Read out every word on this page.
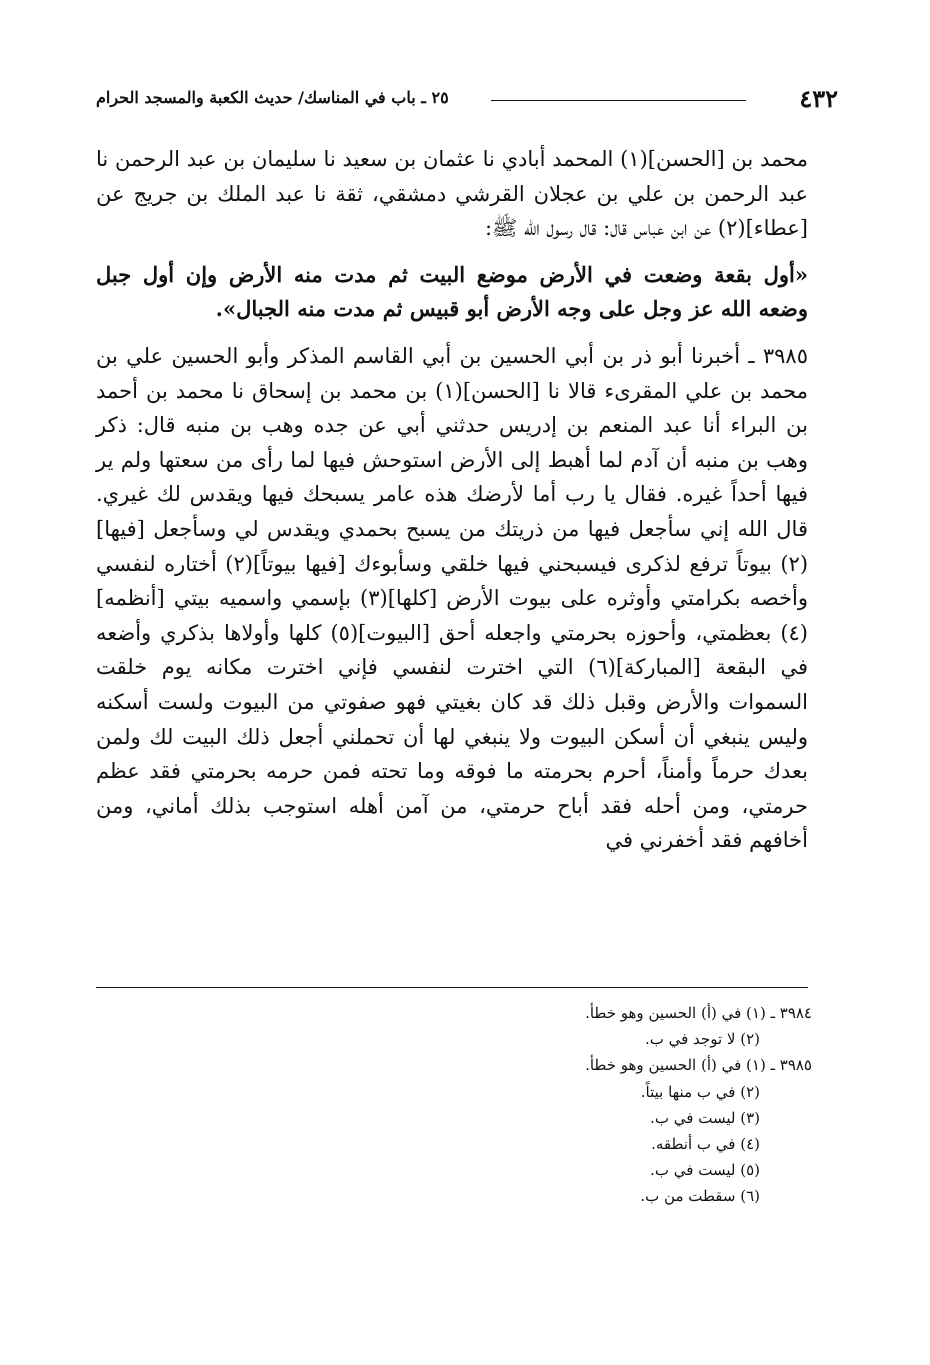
٤٣٢
٢٥ ـ باب في المناسك/ حديث الكعبة والمسجد الحرام

محمد بن [الحسن](١) المحمد أبادي نا عثمان بن سعيد نا سليمان بن عبد الرحمن نا عبد الرحمن بن علي بن عجلان القرشي دمشقي، ثقة نا عبد الملك بن جريج عن [عطاء](٢) عن ابن عباس قال: قال رسول الله ﷺ:

«أول بقعة وضعت في الأرض موضع البيت ثم مدت منه الأرض وإن أول جبل وضعه الله عز وجل على وجه الأرض أبو قبيس ثم مدت منه الجبال».

٣٩٨٥ ـ أخبرنا أبو ذر بن أبي الحسين بن أبي القاسم المذكر وأبو الحسين علي بن محمد بن علي المقرىء قالا نا [الحسن](١) بن محمد بن إسحاق نا محمد بن أحمد بن البراء أنا عبد المنعم بن إدريس حدثني أبي عن جده وهب بن منبه قال: ذكر وهب بن منبه أن آدم لما أهبط إلى الأرض استوحش فيها لما رأى من سعتها ولم ير فيها أحداً غيره. فقال يا رب أما لأرضك هذه عامر يسبحك فيها ويقدس لك غيري. قال الله إني سأجعل فيها من ذريتك من يسبح بحمدي ويقدس لي وسأجعل [فيها](٢) بيوتاً ترفع لذكرى فيسبحني فيها خلقي وسأبوءك [فيها بيوتاً](٢) أختاره لنفسي وأخصه بكرامتي وأوثره على بيوت الأرض [كلها](٣) بإسمي واسميه بيتي [أنظمه](٤) بعظمتي، وأحوزه بحرمتي واجعله أحق [البيوت](٥) كلها وأولاها بذكري وأضعه في البقعة [المباركة](٦) التي اخترت لنفسي فإني اخترت مكانه يوم خلقت السموات والأرض وقبل ذلك قد كان بغيتي فهو صفوتي من البيوت ولست أسكنه وليس ينبغي أن أسكن البيوت ولا ينبغي لها أن تحملني أجعل ذلك البيت لك ولمن بعدك حرماً وأمناً، أحرم بحرمته ما فوقه وما تحته فمن حرمه بحرمتي فقد عظم حرمتي، ومن أحله فقد أباح حرمتي، من آمن أهله استوجب بذلك أماني، ومن أخافهم فقد أخفرني في

٣٩٨٤ ـ (١) في (أ) الحسين وهو خطأ.
(٢) لا توجد في ب.
٣٩٨٥ ـ (١) في (أ) الحسين وهو خطأ.
(٢) في ب منها بيتاً.
(٣) ليست في ب.
(٤) في ب أنطقه.
(٥) ليست في ب.
(٦) سقطت من ب.
